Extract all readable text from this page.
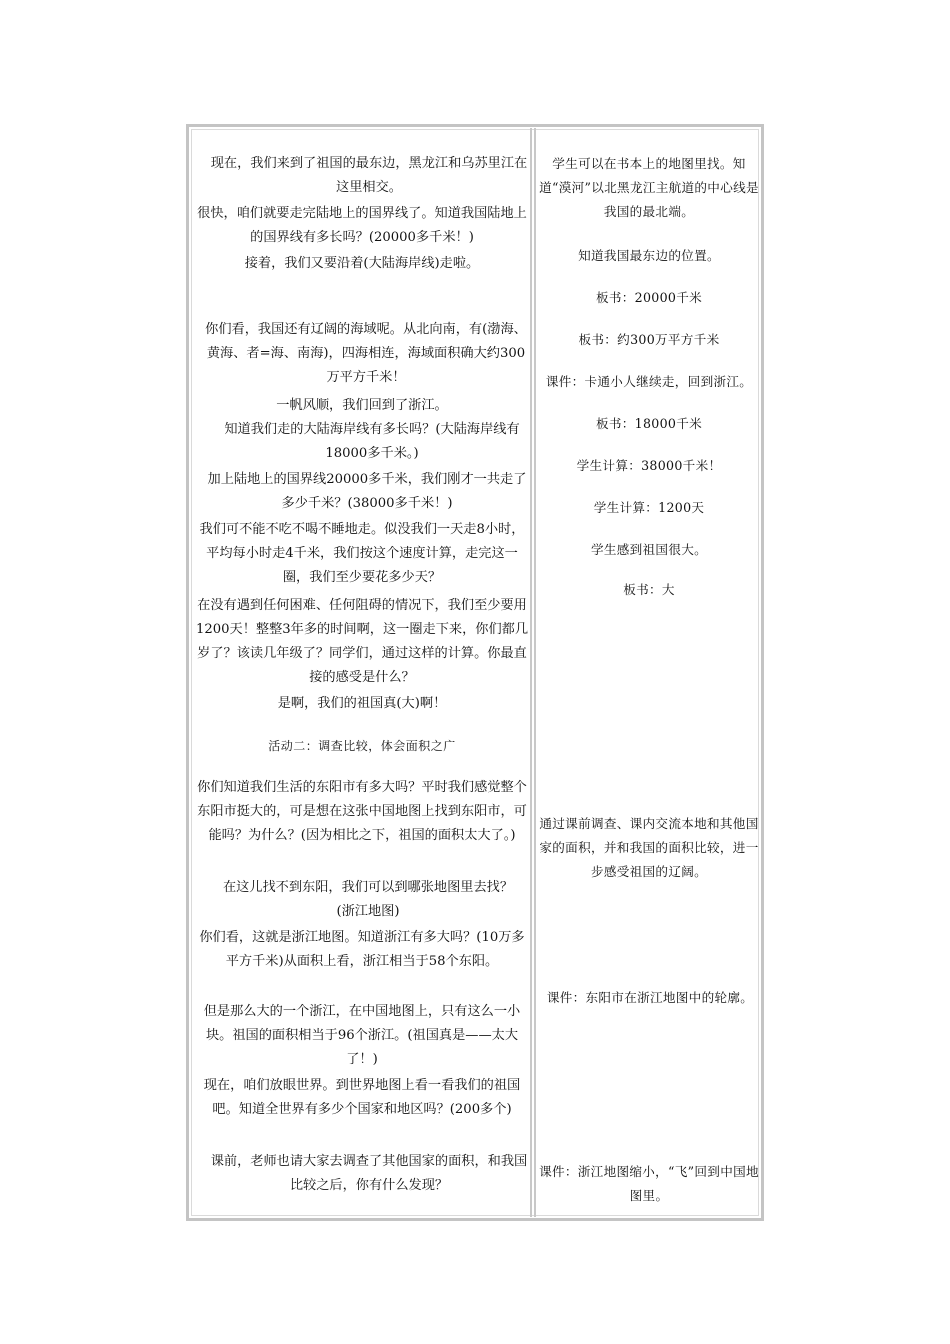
现在，我们来到了祖国的最东边，黑龙江和乌苏里江在这里相交。

很快，咱们就要走完陆地上的国界线了。知道我国陆地上的国界线有多长吗？(20000多千米！)

接着，我们又要沿着(大陆海岸线)走啦。

你们看，我国还有辽阔的海域呢。从北向南，有(渤海、黄海、者=海、南海)，四海相连，海域面积确大约300万平方千米！

一帆风顺，我们回到了浙江。

知道我们走的大陆海岸线有多长吗？(大陆海岸线有18000多千米。)

加上陆地上的国界线20000多千米，我们刚才一共走了多少千米？(38000多千米！)

我们可不能不吃不喝不睡地走。似没我们一天走8小时，平均每小时走4千米，我们按这个速度计算，走完这一圈，我们至少要花多少天？

在没有遇到任何困难、任何阻碍的情况下，我们至少要用1200天！整整3年多的时间啊，这一圈走下来，你们都几岁了？该读几年级了？同学们，通过这样的计算。你最直接的感受是什么？

是啊，我们的祖国真(大)啊！

活动二：调查比较，体会面积之广

你们知道我们生活的东阳市有多大吗？平时我们感觉整个东阳市挺大的，可是想在这张中国地图上找到东阳市，可能吗？为什么？(因为相比之下，祖国的面积太大了。)

在这儿找不到东阳，我们可以到哪张地图里去找？(浙江地图)

你们看，这就是浙江地图。知道浙江有多大吗？(10万多平方千米)从面积上看，浙江相当于58个东阳。

但是那么大的一个浙江，在中国地图上，只有这么一小块。祖国的面积相当于96个浙江。(祖国真是——太大了！)

现在，咱们放眼世界。到世界地图上看一看我们的祖国吧。知道全世界有多少个国家和地区吗？(200多个)

课前，老师也请大家去调查了其他国家的面积，和我国比较之后，你有什么发现？

学生可以在书本上的地图里找。知道“漠河”以北黑龙江主航道的中心线是我国的最北端。

知道我国最东边的位置。

板书：20000千米

板书：约300万平方千米

课件：卡通小人继续走，回到浙江。

板书：18000千米

学生计算：38000千米！

学生计算：1200天

学生感到祖国很大。

板书：大

通过课前调查、课内交流本地和其他国家的面积，并和我国的面积比较，进一步感受祖国的辽阔。

课件：东阳市在浙江地图中的轮廓。

课件：浙江地图缩小，“飞”回到中国地图里。
